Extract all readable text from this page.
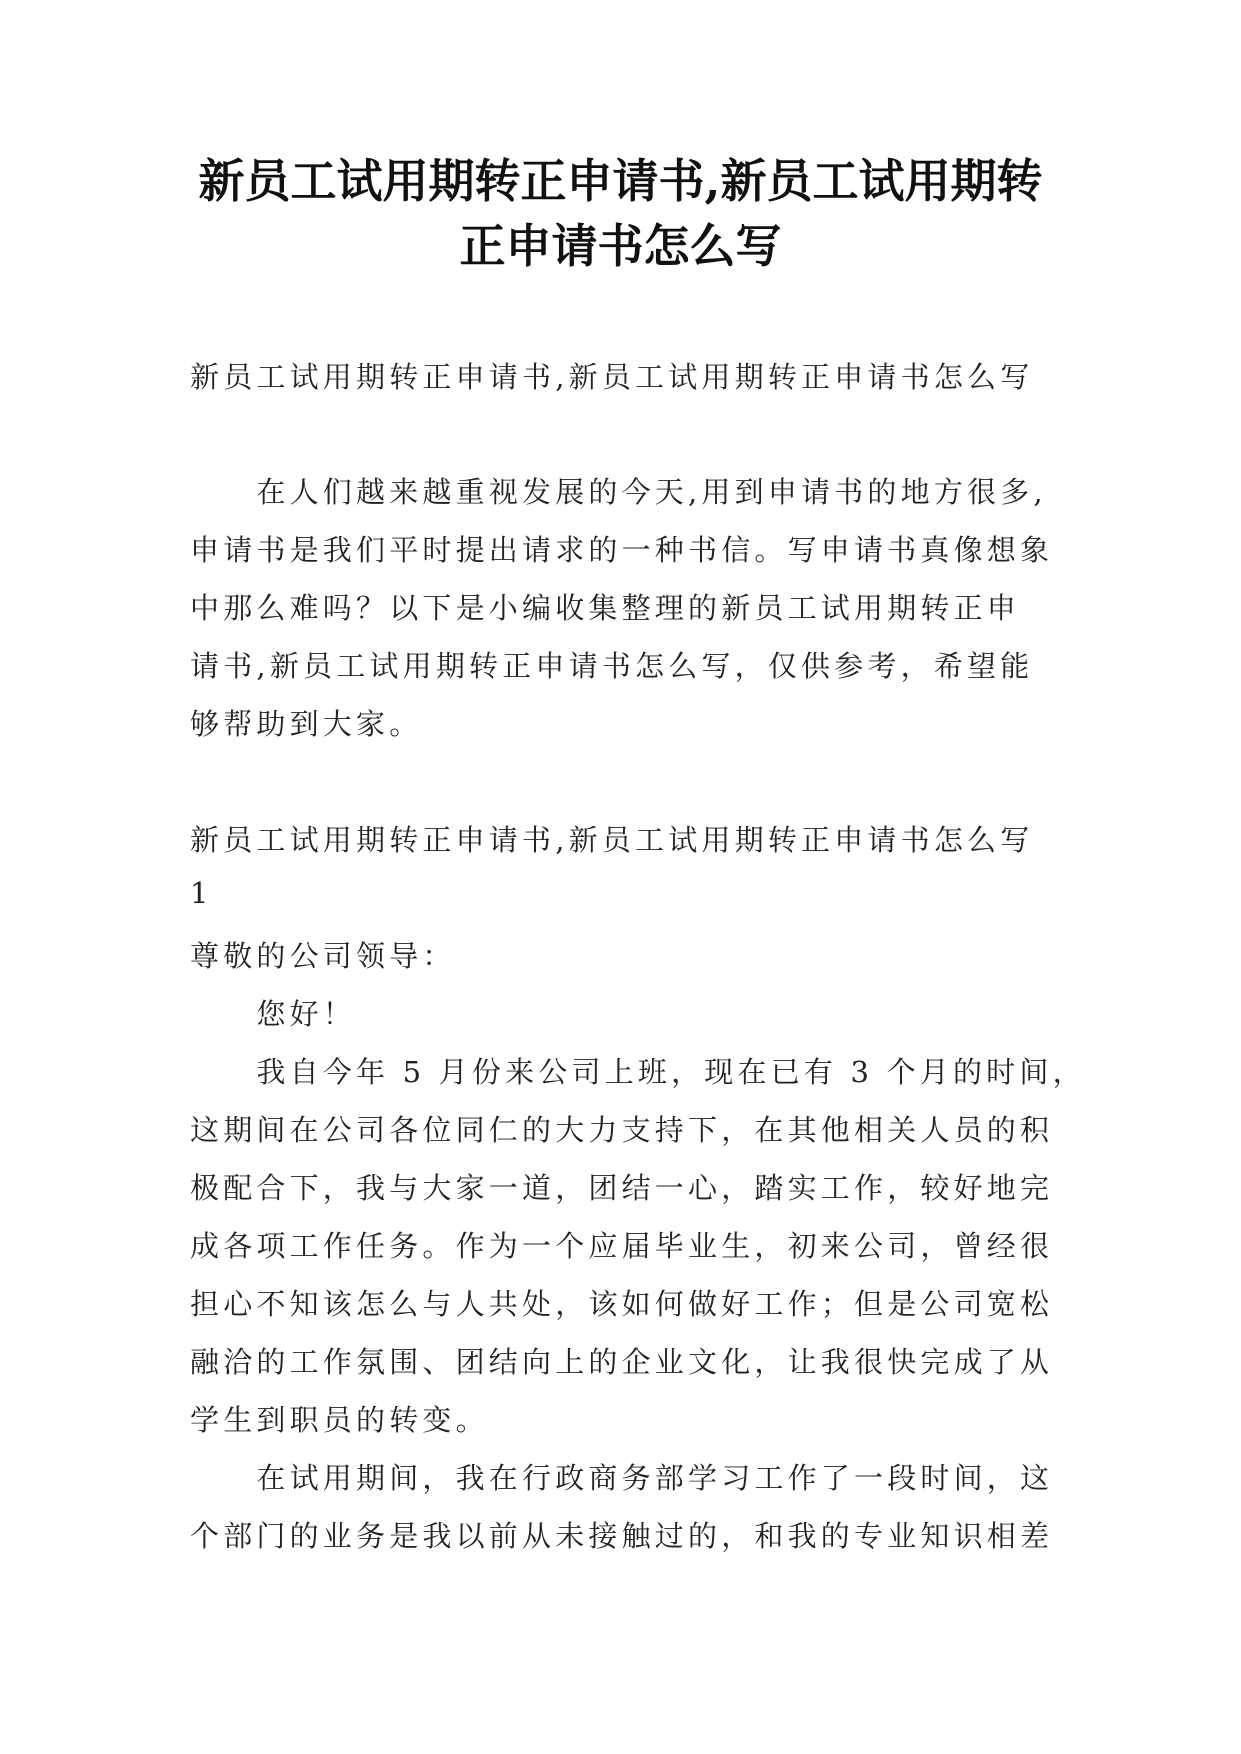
新员工试用期转正申请书,新员工试用期转
正申请书怎么写
新员工试用期转正申请书,新员工试用期转正申请书怎么写
　　在人们越来越重视发展的今天,用到申请书的地方很多,
申请书是我们平时提出请求的一种书信。写申请书真像想象
中那么难吗？以下是小编收集整理的新员工试用期转正申
请书,新员工试用期转正申请书怎么写，仅供参考，希望能
够帮助到大家。
新员工试用期转正申请书,新员工试用期转正申请书怎么写
1
尊敬的公司领导：
　　您好！
　　我自今年 5 月份来公司上班，现在已有 3 个月的时间，
这期间在公司各位同仁的大力支持下，在其他相关人员的积
极配合下，我与大家一道，团结一心，踏实工作，较好地完
成各项工作任务。作为一个应届毕业生，初来公司，曾经很
担心不知该怎么与人共处，该如何做好工作；但是公司宽松
融洽的工作氛围、团结向上的企业文化，让我很快完成了从
学生到职员的转变。
　　在试用期间，我在行政商务部学习工作了一段时间，这
个部门的业务是我以前从未接触过的，和我的专业知识相差
